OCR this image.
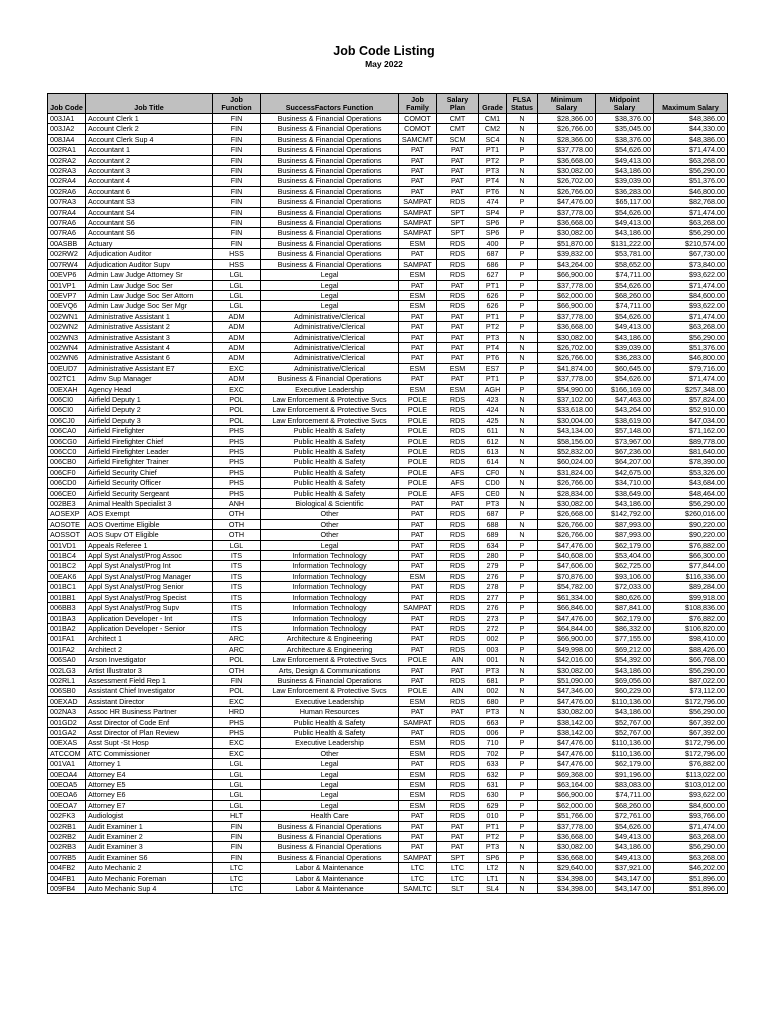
Job Code Listing
May 2022
Job Code	Job Title	Job Function	SuccessFactors Function	Job Family	Salary Plan	Grade	FLSA Status	Minimum Salary	Midpoint Salary	Maximum Salary
003JA1	Account Clerk 1	FIN	Business & Financial Operations	COMOT	CMT	CM1	N	$28,366.00	$38,376.00	$48,386.00
003JA2	Account Clerk 2	FIN	Business & Financial Operations	COMOT	CMT	CM2	N	$26,766.00	$35,045.00	$44,330.00
008JA4	Account Clerk Sup 4	FIN	Business & Financial Operations	SAMCMT	SCM	SC4	N	$28,366.00	$38,376.00	$48,386.00
002RA1	Accountant 1	FIN	Business & Financial Operations	PAT	PAT	PT1	P	$37,778.00	$54,626.00	$71,474.00
002RA2	Accountant 2	FIN	Business & Financial Operations	PAT	PAT	PT2	P	$36,668.00	$49,413.00	$63,268.00
002RA3	Accountant 3	FIN	Business & Financial Operations	PAT	PAT	PT3	N	$30,082.00	$43,186.00	$56,290.00
002RA4	Accountant 4	FIN	Business & Financial Operations	PAT	PAT	PT4	N	$26,702.00	$39,039.00	$51,376.00
002RA6	Accountant 6	FIN	Business & Financial Operations	PAT	PAT	PT6	N	$26,766.00	$36,283.00	$46,800.00
007RA3	Accountant S3	FIN	Business & Financial Operations	SAMPAT	RDS	474	P	$47,476.00	$65,117.00	$82,768.00
007RA4	Accountant S4	FIN	Business & Financial Operations	SAMPAT	SPT	SP4	P	$37,778.00	$54,626.00	$71,474.00
007RA6	Accountant S6	FIN	Business & Financial Operations	SAMPAT	SPT	SP6	P	$36,668.00	$49,413.00	$63,268.00
007RA6	Accountant S6	FIN	Business & Financial Operations	SAMPAT	SPT	SP6	P	$30,082.00	$43,186.00	$56,290.00
00ASBB	Actuary	FIN	Business & Financial Operations	ESM	RDS	400	P	$51,870.00	$131,222.00	$210,574.00
002RW2	Adjudication Auditor	HSS	Business & Financial Operations	PAT	RDS	687	P	$39,832.00	$53,781.00	$67,730.00
007RW4	Adjudication Auditor Supv	HSS	Business & Financial Operations	SAMPAT	RDS	686	P	$43,264.00	$58,652.00	$73,840.00
00EVP6	Admin Law Judge Attorney Sr	LGL	Legal	ESM	RDS	627	P	$66,900.00	$74,711.00	$93,622.00
001VP1	Admin Law Judge Soc Ser	LGL	Legal	PAT	PAT	PT1	P	$37,778.00	$54,626.00	$71,474.00
00EVP7	Admin Law Judge Soc Ser Attorn	LGL	Legal	ESM	RDS	626	P	$62,000.00	$68,260.00	$84,600.00
00EVQ6	Admin Law Judge Soc Ser Mgr	LGL	Legal	ESM	RDS	626	P	$66,900.00	$74,711.00	$93,622.00
002WN1	Administrative Assistant 1	ADM	Administrative/Clerical	PAT	PAT	PT1	P	$37,778.00	$54,626.00	$71,474.00
002WN2	Administrative Assistant 2	ADM	Administrative/Clerical	PAT	PAT	PT2	P	$36,668.00	$49,413.00	$63,268.00
002WN3	Administrative Assistant 3	ADM	Administrative/Clerical	PAT	PAT	PT3	N	$30,082.00	$43,186.00	$56,290.00
002WN4	Administrative Assistant 4	ADM	Administrative/Clerical	PAT	PAT	PT4	N	$26,702.00	$39,039.00	$51,376.00
002WN6	Administrative Assistant 6	ADM	Administrative/Clerical	PAT	PAT	PT6	N	$26,766.00	$36,283.00	$46,800.00
00EUD7	Administrative Assistant E7	EXC	Administrative/Clerical	ESM	ESM	ES7	P	$41,874.00	$60,645.00	$79,716.00
002TC1	Admv Sup Manager	ADM	Business & Financial Operations	PAT	PAT	PT1	P	$37,778.00	$54,626.00	$71,474.00
00EXAH	Agency Head	EXC	Executive Leadership	ESM	ESM	AGH	P	$54,990.00	$166,169.00	$257,348.00
006CI0	Airfield Deputy 1	POL	Law Enforcement & Protective Svcs	POLE	RDS	423	N	$37,102.00	$47,463.00	$57,824.00
006CI0	Airfield Deputy 2	POL	Law Enforcement & Protective Svcs	POLE	RDS	424	N	$33,618.00	$43,264.00	$52,910.00
006CJ0	Airfield Deputy 3	POL	Law Enforcement & Protective Svcs	POLE	RDS	425	N	$30,004.00	$38,619.00	$47,034.00
006CA0	Airfield Firefighter	PHS	Public Health & Safety	POLE	RDS	611	N	$43,134.00	$57,148.00	$71,162.00
006CG0	Airfield Firefighter Chief	PHS	Public Health & Safety	POLE	RDS	612	N	$58,156.00	$73,967.00	$89,778.00
006CC0	Airfield Firefighter Leader	PHS	Public Health & Safety	POLE	RDS	613	N	$52,832.00	$67,236.00	$81,640.00
006CB0	Airfield Firefighter Trainer	PHS	Public Health & Safety	POLE	RDS	614	N	$60,024.00	$64,207.00	$78,390.00
006CF0	Airfield Security Chief	PHS	Public Health & Safety	POLE	AFS	CF0	N	$31,824.00	$42,675.00	$53,326.00
006CD0	Airfield Security Officer	PHS	Public Health & Safety	POLE	AFS	CD0	N	$26,766.00	$34,710.00	$43,684.00
006CE0	Airfield Security Sergeant	PHS	Public Health & Safety	POLE	AFS	CE0	N	$28,834.00	$38,649.00	$48,464.00
002BE3	Animal Health Specialist 3	ANH	Biological & Scientific	PAT	PAT	PT3	N	$30,082.00	$43,186.00	$56,290.00
AOSEXP	AOS Exempt	OTH	Other	PAT	RDS	687	P	$26,668.00	$142,792.00	$260,016.00
AOSOTE	AOS Overtime Eligible	OTH	Other	PAT	RDS	688	N	$26,766.00	$87,993.00	$90,220.00
AOSSOT	AOS Supv OT Eligible	OTH	Other	PAT	RDS	689	N	$26,766.00	$87,993.00	$90,220.00
001VD1	Appeals Referee 1	LGL	Legal	PAT	RDS	634	P	$47,476.00	$62,179.00	$76,882.00
001BC4	Appl Syst Analyst/Prog Assoc	ITS	Information Technology	PAT	RDS	280	P	$40,608.00	$53,404.00	$66,300.00
001BC2	Appl Syst Analyst/Prog Int	ITS	Information Technology	PAT	RDS	279	P	$47,606.00	$62,725.00	$77,844.00
00EAK6	Appl Syst Analyst/Prog Manager	ITS	Information Technology	ESM	RDS	276	P	$70,876.00	$93,106.00	$116,336.00
001BC1	Appl Syst Analyst/Prog Senior	ITS	Information Technology	PAT	RDS	278	P	$54,782.00	$72,033.00	$89,284.00
001BB1	Appl Syst Analyst/Prog Specist	ITS	Information Technology	PAT	RDS	277	P	$61,334.00	$80,626.00	$99,918.00
006BB3	Appl Syst Analyst/Prog Supv	ITS	Information Technology	SAMPAT	RDS	276	P	$66,846.00	$87,841.00	$108,836.00
001BA3	Application Developer - Int	ITS	Information Technology	PAT	RDS	273	P	$47,476.00	$62,179.00	$76,882.00
001BA2	Application Developer - Senior	ITS	Information Technology	PAT	RDS	272	P	$64,844.00	$86,332.00	$106,820.00
001FA1	Architect 1	ARC	Architecture & Engineering	PAT	RDS	002	P	$66,900.00	$77,155.00	$98,410.00
001FA2	Architect 2	ARC	Architecture & Engineering	PAT	RDS	003	P	$49,998.00	$69,212.00	$88,426.00
006SA0	Arson Investigator	POL	Law Enforcement & Protective Svcs	POLE	AIN	001	N	$42,016.00	$54,392.00	$66,768.00
002LG3	Artist Illustrator 3	OTH	Arts, Design & Communications	PAT	PAT	PT3	N	$30,082.00	$43,186.00	$56,290.00
002RL1	Assessment Field Rep 1	FIN	Business & Financial Operations	PAT	RDS	681	P	$51,090.00	$69,056.00	$87,022.00
006SB0	Assistant Chief Investigator	POL	Law Enforcement & Protective Svcs	POLE	AIN	002	N	$47,346.00	$60,229.00	$73,112.00
00EXAD	Assistant Director	EXC	Executive Leadership	ESM	RDS	680	P	$47,476.00	$110,136.00	$172,796.00
002NA3	Assoc HR Business Partner	HRD	Human Resources	PAT	PAT	PT3	N	$30,082.00	$43,186.00	$56,290.00
001GD2	Asst Director of Code Enf	PHS	Public Health & Safety	SAMPAT	RDS	663	P	$38,142.00	$52,767.00	$67,392.00
001GA2	Asst Director of Plan Review	PHS	Public Health & Safety	PAT	RDS	006	P	$38,142.00	$52,767.00	$67,392.00
00EXAS	Asst Supt -St Hosp	EXC	Executive Leadership	ESM	RDS	710	P	$47,476.00	$110,136.00	$172,796.00
ATCCOM	ATC Commissioner	EXC	Other	ESM	RDS	702	P	$47,476.00	$110,136.00	$172,796.00
001VA1	Attorney 1	LGL	Legal	PAT	RDS	633	P	$47,476.00	$62,179.00	$76,882.00
00EOA4	Attorney E4	LGL	Legal	ESM	RDS	632	P	$69,368.00	$91,196.00	$113,022.00
00EOA5	Attorney E5	LGL	Legal	ESM	RDS	631	P	$63,164.00	$83,083.00	$103,012.00
00EOA6	Attorney E6	LGL	Legal	ESM	RDS	630	P	$66,900.00	$74,711.00	$93,622.00
00EOA7	Attorney E7	LGL	Legal	ESM	RDS	629	P	$62,000.00	$68,260.00	$84,600.00
002FK3	Audiologist	HLT	Health Care	PAT	RDS	010	P	$51,766.00	$72,761.00	$93,766.00
002RB1	Audit Examiner 1	FIN	Business & Financial Operations	PAT	PAT	PT1	P	$37,778.00	$54,626.00	$71,474.00
002RB2	Audit Examiner 2	FIN	Business & Financial Operations	PAT	PAT	PT2	P	$36,668.00	$49,413.00	$63,268.00
002RB3	Audit Examiner 3	FIN	Business & Financial Operations	PAT	PAT	PT3	N	$30,082.00	$43,186.00	$56,290.00
007RB5	Audit Examiner S6	FIN	Business & Financial Operations	SAMPAT	SPT	SP6	P	$36,668.00	$49,413.00	$63,268.00
004FB2	Auto Mechanic 2	LTC	Labor & Maintenance	LTC	LTC	LT2	N	$29,640.00	$37,921.00	$46,202.00
004FB1	Auto Mechanic Foreman	LTC	Labor & Maintenance	LTC	LTC	LT1	N	$34,398.00	$43,147.00	$51,896.00
009FB4	Auto Mechanic Sup 4	LTC	Labor & Maintenance	SAMLTC	SLT	SL4	N	$34,398.00	$43,147.00	$51,896.00
